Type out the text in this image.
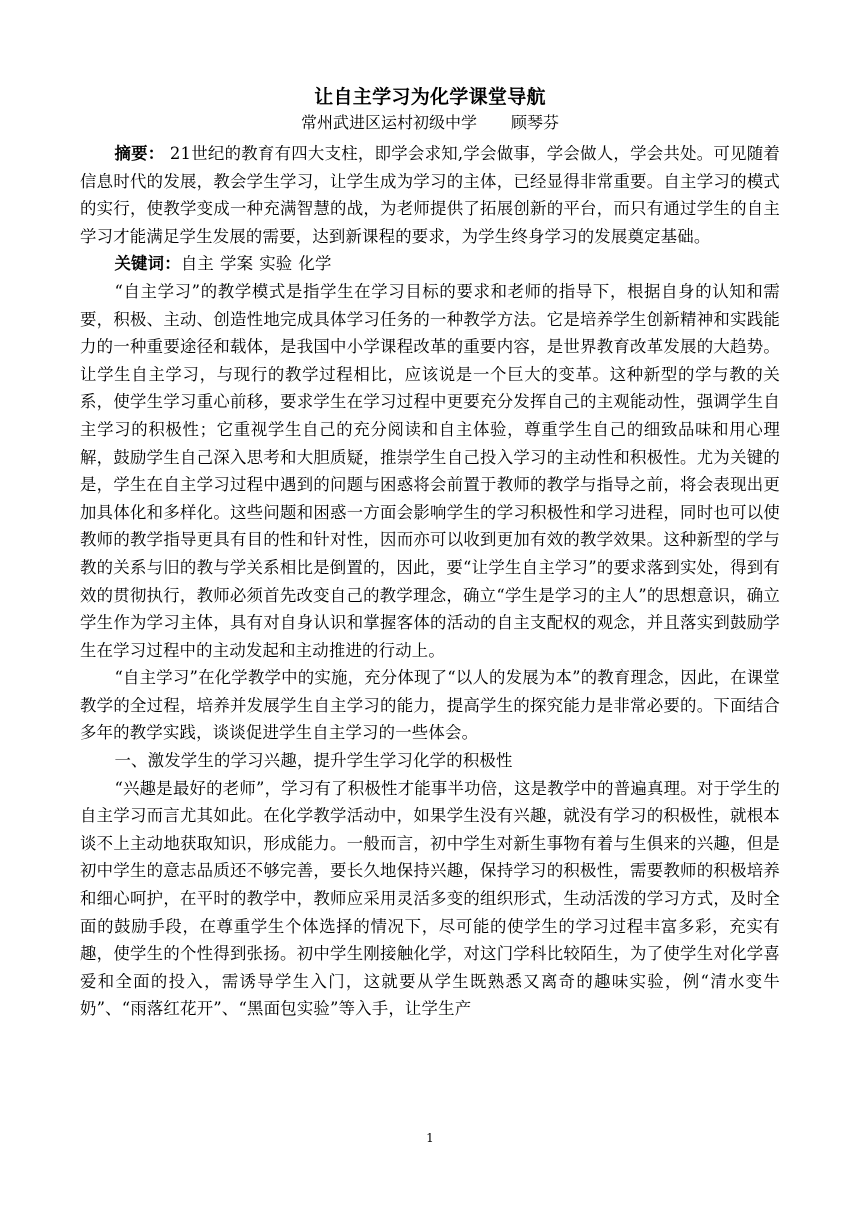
让自主学习为化学课堂导航
常州武进区运村初级中学 顾琴芬

摘要： 21世纪的教育有四大支柱，即学会求知,学会做事，学会做人，学会共处。可见随着信息时代的发展，教会学生学习，让学生成为学习的主体，已经显得非常重要。自主学习的模式的实行，使教学变成一种充满智慧的战，为老师提供了拓展创新的平台，而只有通过学生的自主学习才能满足学生发展的需要，达到新课程的要求，为学生终身学习的发展奠定基础。

关键词：自主 学案 实验 化学

“自主学习”的教学模式是指学生在学习目标的要求和老师的指导下，根据自身的认知和需要，积极、主动、创造性地完成具体学习任务的一种教学方法。它是培养学生创新精神和实践能力的一种重要途径和载体，是我国中小学课程改革的重要内容，是世界教育改革发展的大趋势。让学生自主学习，与现行的教学过程相比，应该说是一个巨大的变革。这种新型的学与教的关系，使学生学习重心前移，要求学生在学习过程中更要充分发挥自己的主观能动性，强调学生自主学习的积极性；它重视学生自己的充分阅读和自主体验，尊重学生自己的细致品味和用心理解，鼓励学生自己深入思考和大胆质疑，推崇学生自己投入学习的主动性和积极性。尤为关键的是，学生在自主学习过程中遇到的问题与困惑将会前置于教师的教学与指导之前，将会表现出更加具体化和多样化。这些问题和困惑一方面会影响学生的学习积极性和学习进程，同时也可以使教师的教学指导更具有目的性和针对性，因而亦可以收到更加有效的教学效果。这种新型的学与教的关系与旧的教与学关系相比是倒置的，因此，要“让学生自主学习”的要求落到实处，得到有效的贯彻执行，教师必须首先改变自己的教学理念，确立“学生是学习的主人”的思想意识，确立学生作为学习主体，具有对自身认识和掌握客体的活动的自主支配权的观念，并且落实到鼓励学生在学习过程中的主动发起和主动推进的行动上。

“自主学习”在化学教学中的实施，充分体现了“以人的发展为本”的教育理念，因此，在课堂教学的全过程，培养并发展学生自主学习的能力，提高学生的探究能力是非常必要的。下面结合多年的教学实践，谈谈促进学生自主学习的一些体会。

一、激发学生的学习兴趣，提升学生学习化学的积极性

“兴趣是最好的老师”，学习有了积极性才能事半功倍，这是教学中的普遍真理。对于学生的自主学习而言尤其如此。在化学教学活动中，如果学生没有兴趣，就没有学习的积极性，就根本谈不上主动地获取知识，形成能力。一般而言，初中学生对新生事物有着与生俱来的兴趣，但是初中学生的意志品质还不够完善，要长久地保持兴趣，保持学习的积极性，需要教师的积极培养和细心呵护，在平时的教学中，教师应采用灵活多变的组织形式，生动活泼的学习方式，及时全面的鼓励手段，在尊重学生个体选择的情况下，尽可能的使学生的学习过程丰富多彩，充实有趣，使学生的个性得到张扬。初中学生刚接触化学，对这门学科比较陌生，为了使学生对化学喜爱和全面的投入，需诱导学生入门，这就要从学生既熟悉又离奇的趣味实验，例“清水变牛奶”、“雨落红花开”、“黑面包实验”等入手，让学生产

1
